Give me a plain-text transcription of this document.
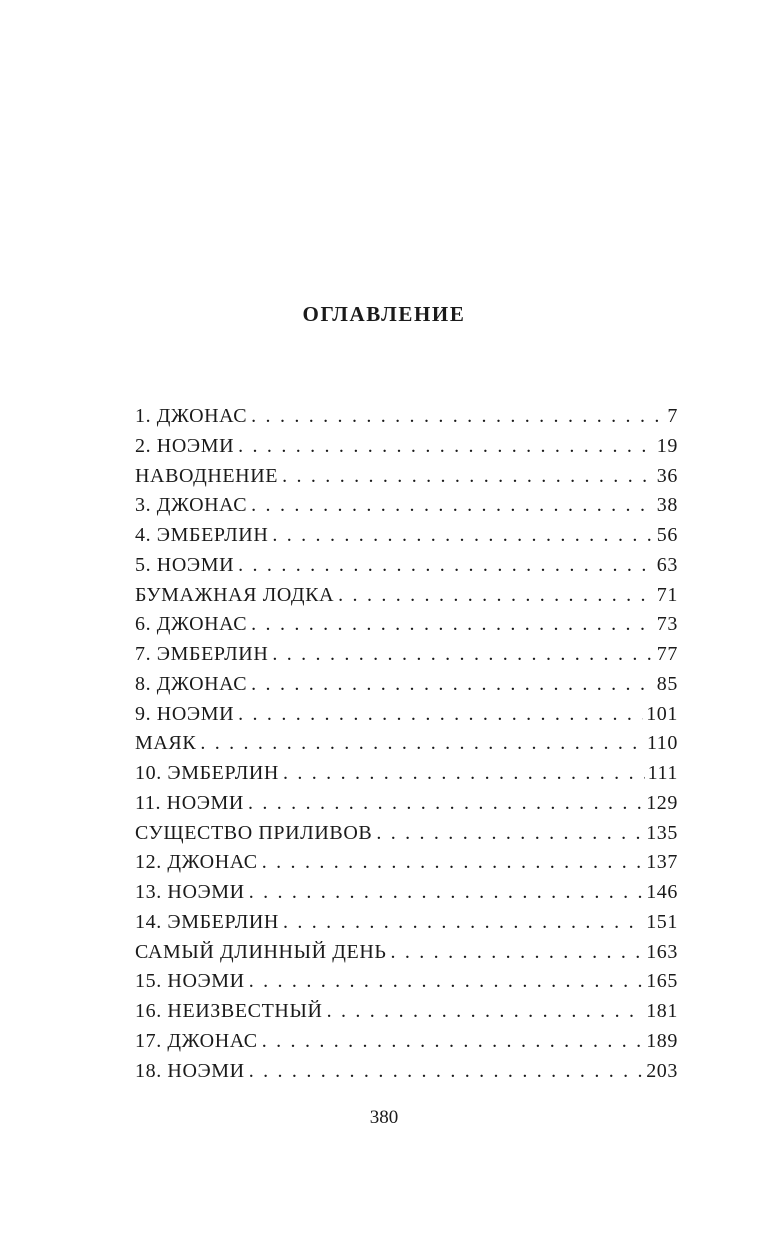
ОГЛАВЛЕНИЕ
1. ДЖОНАС . . .	7
2. НОЭМИ . . .	19
НАВОДНЕНИЕ . . .	36
3. ДЖОНАС . . .	38
4. ЭМБЕРЛИН . . .	56
5. НОЭМИ . . .	63
БУМАЖНАЯ ЛОДКА . . .	71
6. ДЖОНАС . . .	73
7. ЭМБЕРЛИН . . .	77
8. ДЖОНАС . . .	85
9. НОЭМИ . . .	101
МАЯК . . .	110
10. ЭМБЕРЛИН . . .	111
11. НОЭМИ . . .	129
СУЩЕСТВО ПРИЛИВОВ . . .	135
12. ДЖОНАС . . .	137
13. НОЭМИ . . .	146
14. ЭМБЕРЛИН . . .	151
САМЫЙ ДЛИННЫЙ ДЕНЬ . . .	163
15. НОЭМИ . . .	165
16. НЕИЗВЕСТНЫЙ . . .	181
17. ДЖОНАС . . .	189
18. НОЭМИ . . .	203
380
